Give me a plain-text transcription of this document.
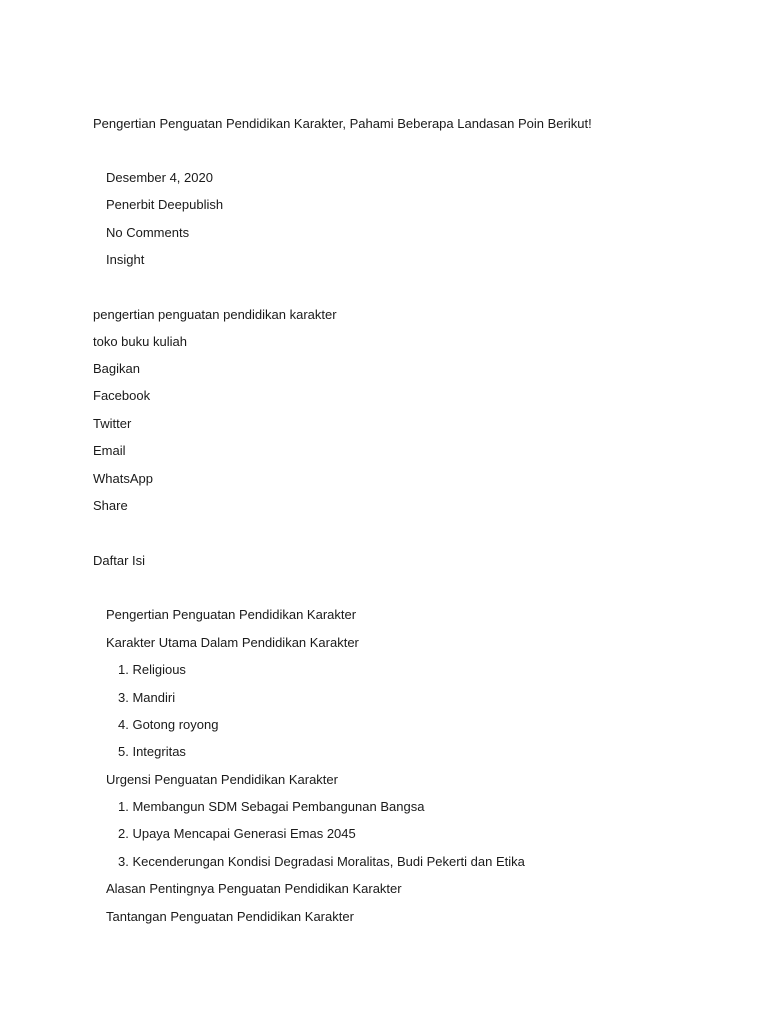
Pengertian Penguatan Pendidikan Karakter, Pahami Beberapa Landasan Poin Berikut!
Desember 4, 2020
Penerbit Deepublish
No Comments
Insight
pengertian penguatan pendidikan karakter
toko buku kuliah
Bagikan
Facebook
Twitter
Email
WhatsApp
Share
Daftar Isi
Pengertian Penguatan Pendidikan Karakter
Karakter Utama Dalam Pendidikan Karakter
1. Religious
3. Mandiri
4. Gotong royong
5. Integritas
Urgensi Penguatan Pendidikan Karakter
1. Membangun SDM Sebagai Pembangunan Bangsa
2. Upaya Mencapai Generasi Emas 2045
3. Kecenderungan Kondisi Degradasi Moralitas, Budi Pekerti dan Etika
Alasan Pentingnya Penguatan Pendidikan Karakter
Tantangan Penguatan Pendidikan Karakter
